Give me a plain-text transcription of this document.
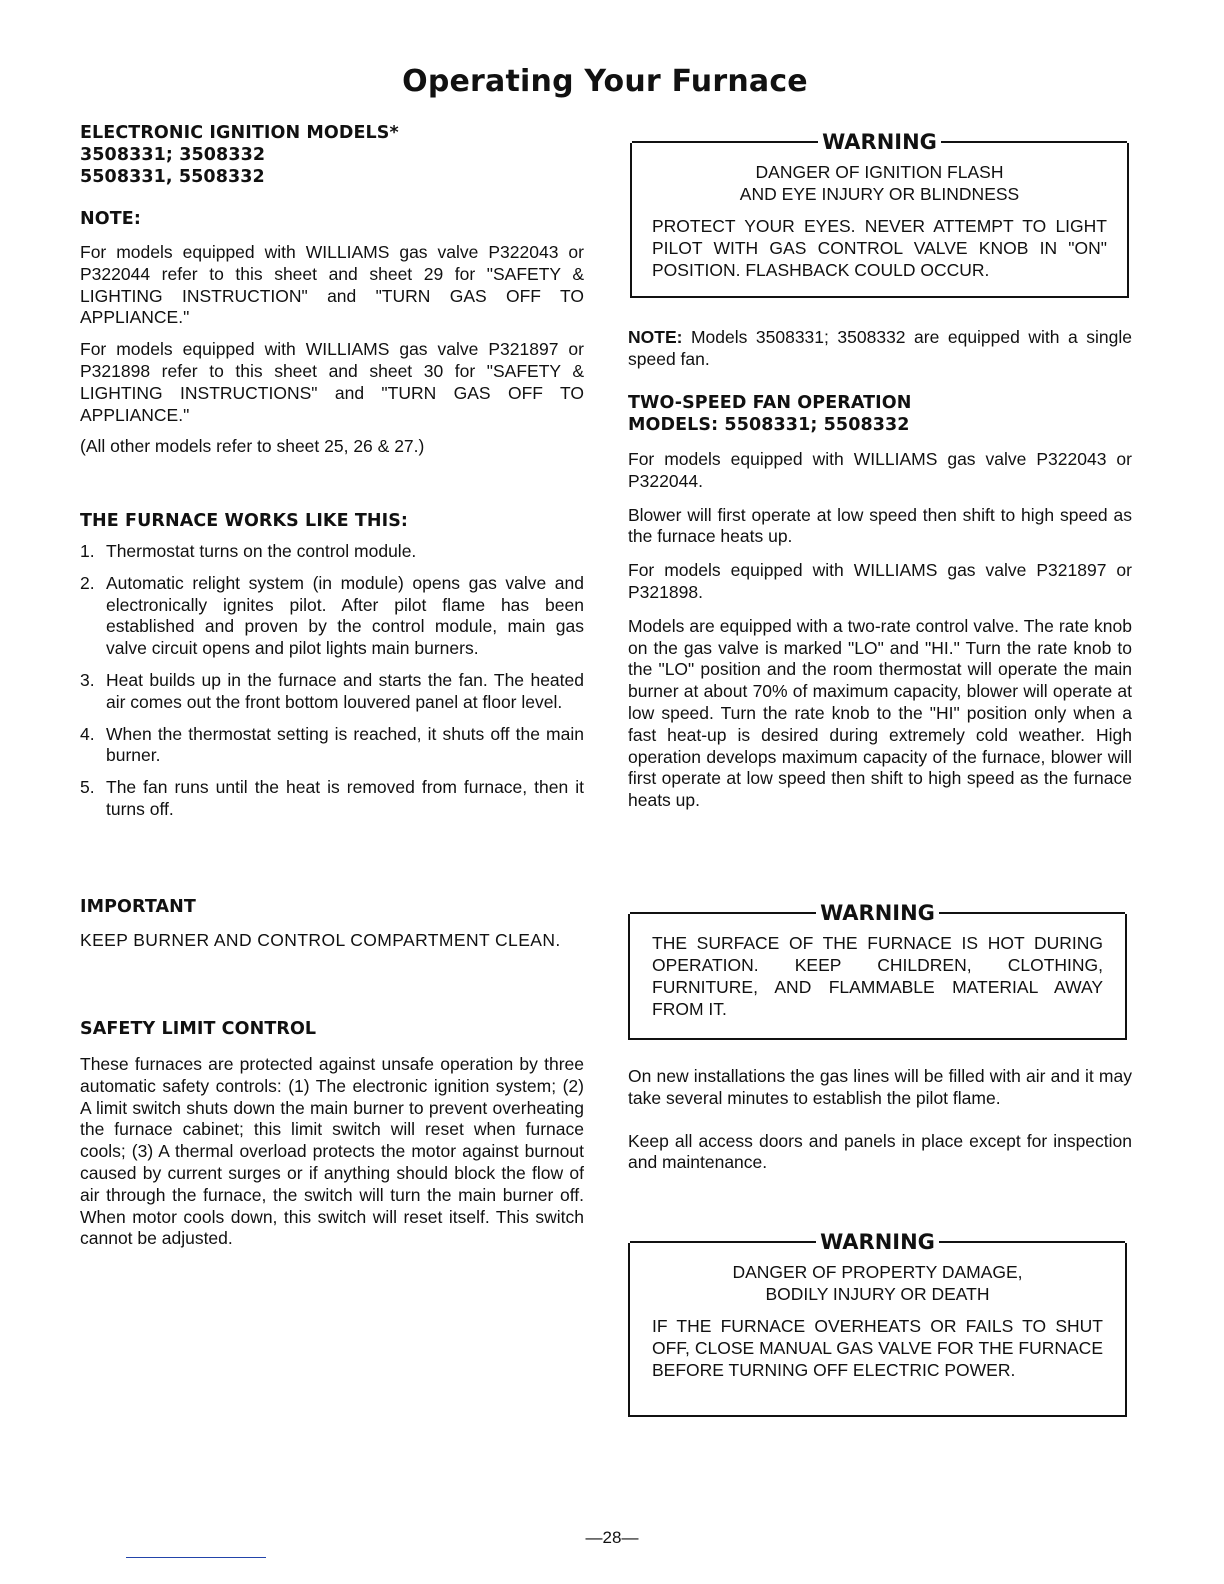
Operating Your Furnace
ELECTRONIC IGNITION MODELS*
3508331; 3508332
5508331, 5508332
NOTE:

For models equipped with WILLIAMS gas valve P322043 or P322044 refer to this sheet and sheet 29 for "SAFETY & LIGHTING INSTRUCTION" and "TURN GAS OFF TO APPLIANCE."

For models equipped with WILLIAMS gas valve P321897 or P321898 refer to this sheet and sheet 30 for "SAFETY & LIGHTING INSTRUCTIONS" and "TURN GAS OFF TO APPLIANCE."

(All other models refer to sheet 25, 26 & 27.)

THE FURNACE WORKS LIKE THIS:
1. Thermostat turns on the control module.
2. Automatic relight system (in module) opens gas valve and electronically ignites pilot. After pilot flame has been established and proven by the control module, main gas valve circuit opens and pilot lights main burners.
3. Heat builds up in the furnace and starts the fan. The heated air comes out the front bottom louvered panel at floor level.
4. When the thermostat setting is reached, it shuts off the main burner.
5. The fan runs until the heat is removed from furnace, then it turns off.
IMPORTANT

KEEP BURNER AND CONTROL COMPARTMENT CLEAN.

SAFETY LIMIT CONTROL

These furnaces are protected against unsafe operation by three automatic safety controls: (1) The electronic ignition system; (2) A limit switch shuts down the main burner to prevent overheating the furnace cabinet; this limit switch will reset when furnace cools; (3) A thermal overload protects the motor against burnout caused by current surges or if anything should block the flow of air through the furnace, the switch will turn the main burner off. When motor cools down, this switch will reset itself. This switch cannot be adjusted.

WARNING

DANGER OF IGNITION FLASH

AND EYE INJURY OR BLINDNESS

PROTECT YOUR EYES. NEVER ATTEMPT TO LIGHT PILOT WITH GAS CONTROL VALVE KNOB IN "ON" POSITION. FLASHBACK COULD OCCUR.

NOTE: Models 3508331; 3508332 are equipped with a single speed fan.

TWO-SPEED FAN OPERATION
MODELS: 5508331; 5508332

For models equipped with WILLIAMS gas valve P322043 or P322044.

Blower will first operate at low speed then shift to high speed as the furnace heats up.

For models equipped with WILLIAMS gas valve P321897 or P321898.

Models are equipped with a two-rate control valve. The rate knob on the gas valve is marked "LO" and "HI." Turn the rate knob to the "LO" position and the room thermostat will operate the main burner at about 70% of maximum capacity, blower will operate at low speed. Turn the rate knob to the "HI" position only when a fast heat-up is desired during extremely cold weather. High operation develops maximum capacity of the furnace, blower will first operate at low speed then shift to high speed as the furnace heats up.

WARNING

THE SURFACE OF THE FURNACE IS HOT DURING OPERATION. KEEP CHILDREN, CLOTHING, FURNITURE, AND FLAMMABLE MATERIAL AWAY FROM IT.

On new installations the gas lines will be filled with air and it may take several minutes to establish the pilot flame.

Keep all access doors and panels in place except for inspection and maintenance.

WARNING

DANGER OF PROPERTY DAMAGE,

BODILY INJURY OR DEATH

IF THE FURNACE OVERHEATS OR FAILS TO SHUT OFF, CLOSE MANUAL GAS VALVE FOR THE FURNACE BEFORE TURNING OFF ELECTRIC POWER.

—28—
